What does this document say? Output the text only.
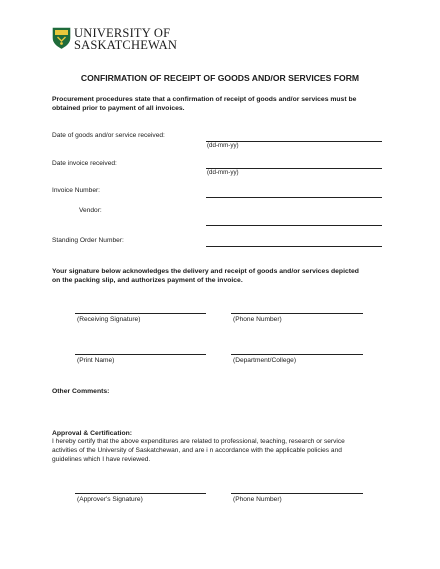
UNIVERSITY OF
SASKATCHEWAN
CONFIRMATION OF RECEIPT OF GOODS AND/OR SERVICES FORM
Procurement procedures state that a confirmation of receipt of goods and/or services must be
obtained prior to payment of all invoices.
Date of goods and/or service received:
(dd-mm-yy)
Date invoice received:
(dd-mm-yy)
Invoice Number:
Vendor:
Standing Order Number:
Your signature below acknowledges the delivery and receipt of goods and/or services depicted
on the packing slip, and authorizes payment of the invoice.
(Receiving Signature)	(Phone Number)
(Print Name)	(Department/College)
Other Comments:
Approval & Certification:
I hereby certify that the above expenditures are related to professional, teaching, research or service
activities of the University of Saskatchewan, and are i n accordance with the applicable policies and
guidelines which I have reviewed.
(Approver's Signature)	(Phone Number)
